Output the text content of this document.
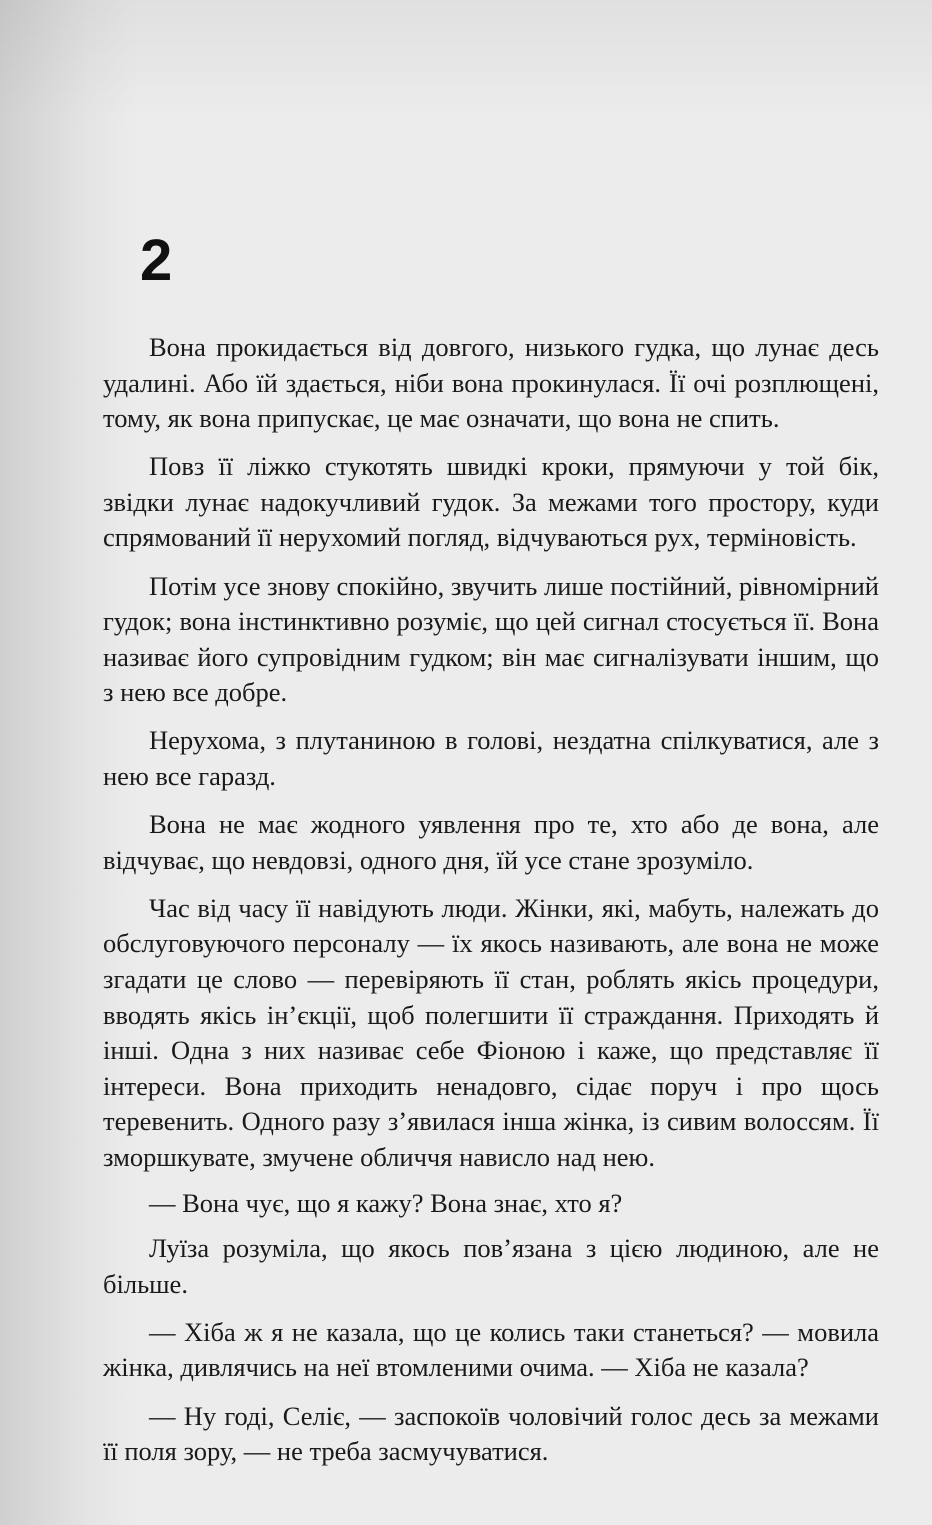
2

Вона прокидається від довгого, низького гудка, що лунає десь удалині. Або їй здається, ніби вона прокинулася. Її очі розплющені, тому, як вона припускає, це має означати, що вона не спить.

Повз її ліжко стукотять швидкі кроки, прямуючи у той бік, звідки лунає надокучливий гудок. За межами того простору, куди спрямований її нерухомий погляд, відчуваються рух, терміновість.

Потім усе знову спокійно, звучить лише постійний, рівномірний гудок; вона інстинктивно розуміє, що цей сигнал стосується її. Вона називає його супровідним гудком; він має сигналізувати іншим, що з нею все добре.

Нерухома, з плутаниною в голові, нездатна спілкуватися, але з нею все гаразд.

Вона не має жодного уявлення про те, хто або де вона, але відчуває, що невдовзі, одного дня, їй усе стане зрозуміло.

Час від часу її навідують люди. Жінки, які, мабуть, належать до обслуговуючого персоналу — їх якось називають, але вона не може згадати це слово — перевіряють її стан, роблять якісь процедури, вводять якісь ін’єкції, щоб полегшити її страждання. Приходять й інші. Одна з них називає себе Фіоною і каже, що представляє її інтереси. Вона приходить ненадовго, сідає поруч і про щось теревенить. Одного разу з’явилася інша жінка, із сивим волоссям. Її зморшкувате, змучене обличчя нависло над нею.

— Вона чує, що я кажу? Вона знає, хто я?

Луїза розуміла, що якось пов’язана з цією людиною, але не більше.

— Хіба ж я не казала, що це колись таки станеться? — мовила жінка, дивлячись на неї втомленими очима. — Хіба не казала?

— Ну годі, Селіє, — заспокоїв чоловічий голос десь за межами її поля зору, — не треба засмучуватися.
